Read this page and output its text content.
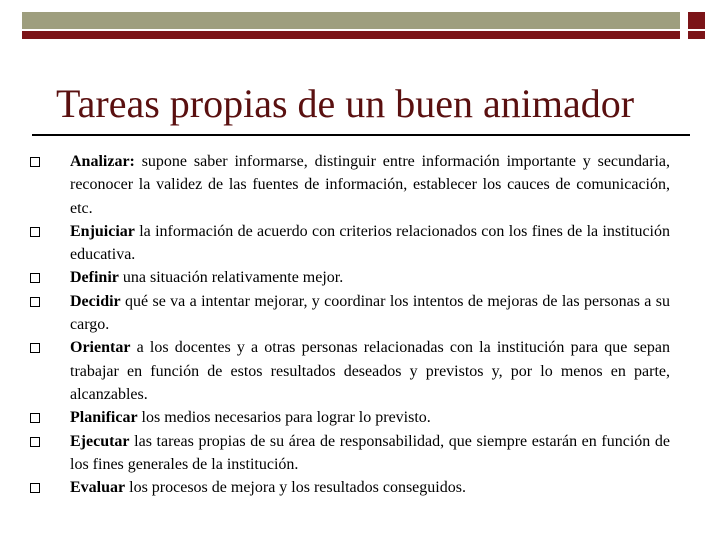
Tareas propias de un buen animador
Analizar: supone saber informarse, distinguir entre información importante y secundaria, reconocer la validez de las fuentes de información, establecer los cauces de comunicación, etc.
Enjuiciar la información de acuerdo con criterios relacionados con los fines de la institución educativa.
Definir una situación relativamente mejor.
Decidir qué se va a intentar mejorar, y coordinar los intentos de mejoras de las personas a su cargo.
Orientar a los docentes y a otras personas relacionadas con la institución para que sepan trabajar en función de estos resultados deseados y previstos y, por lo menos en parte, alcanzables.
Planificar los medios necesarios para lograr lo previsto.
Ejecutar las tareas propias de su área de responsabilidad, que siempre estarán en función de los fines generales de la institución.
Evaluar los procesos de mejora y los resultados conseguidos.
